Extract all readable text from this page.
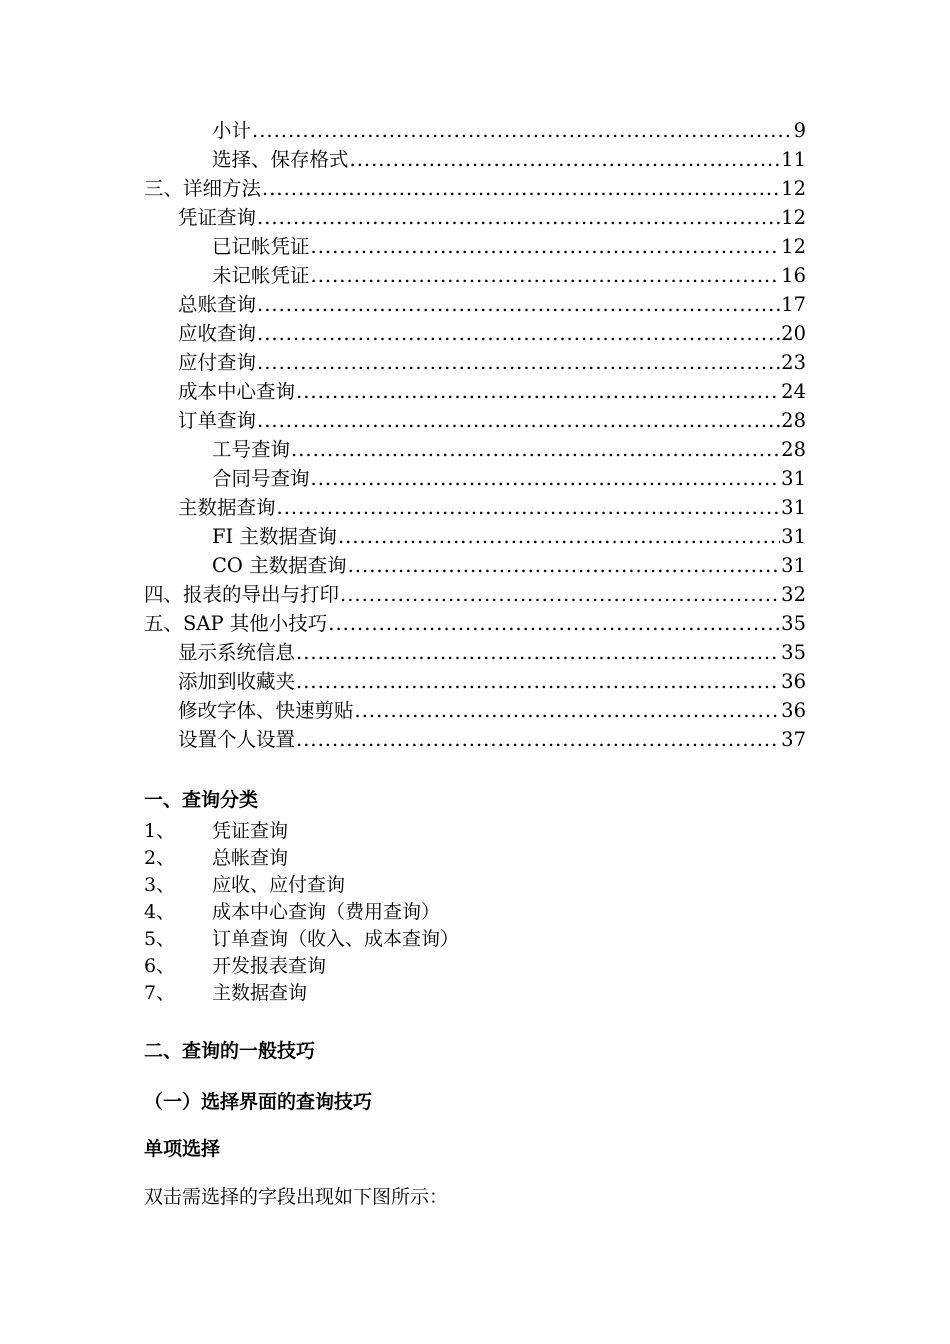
小计 .....	9
选择、保存格式 .....	11
三、详细方法 .....	12
凭证查询 .....	12
已记帐凭证 .....	12
未记帐凭证 .....	16
总账查询 .....	17
应收查询 .....	20
应付查询 .....	23
成本中心查询 .....	24
订单查询 .....	28
工号查询 .....	28
合同号查询 .....	31
主数据查询 .....	31
FI 主数据查询 .....	31
CO 主数据查询 .....	31
四、报表的导出与打印 .....	32
五、SAP 其他小技巧 .....	35
显示系统信息 .....	35
添加到收藏夹 .....	36
修改字体、快速剪贴 .....	36
设置个人设置 .....	37
一、查询分类
1、	凭证查询
2、	总帐查询
3、	应收、应付查询
4、	成本中心查询（费用查询）
5、	订单查询（收入、成本查询）
6、	开发报表查询
7、	主数据查询
二、查询的一般技巧
（一）选择界面的查询技巧
单项选择
双击需选择的字段出现如下图所示：
